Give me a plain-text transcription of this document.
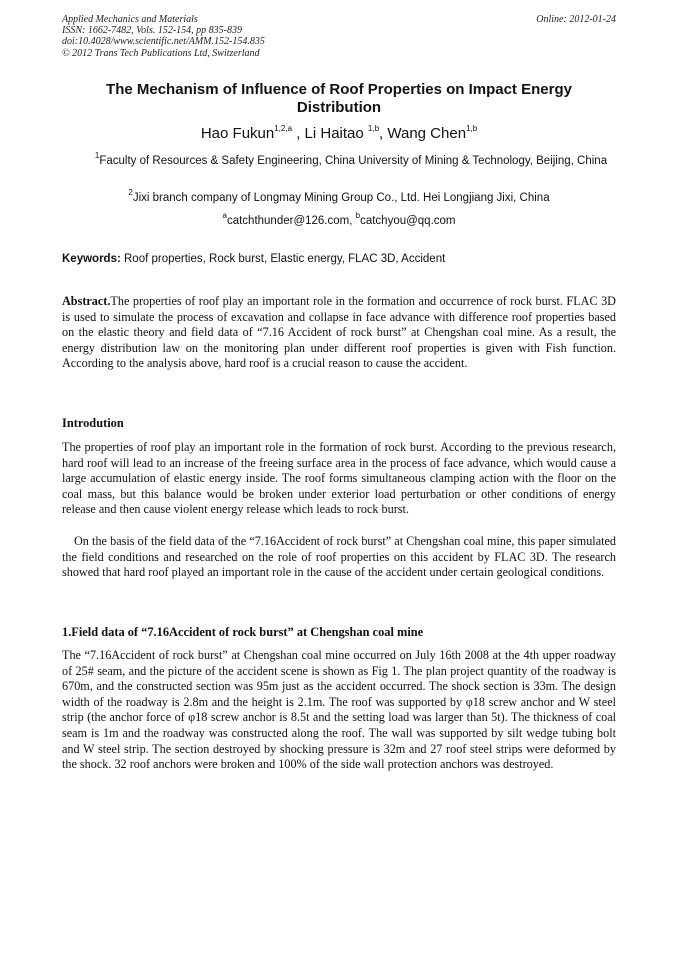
Applied Mechanics and Materials
ISSN: 1662-7482, Vols. 152-154, pp 835-839
doi:10.4028/www.scientific.net/AMM.152-154.835
© 2012 Trans Tech Publications Ltd, Switzerland
Online: 2012-01-24
The Mechanism of Influence of Roof Properties on Impact Energy Distribution
Hao Fukun$^{1,2,a}$ , Li Haitao $^{1,b}$, Wang Chen$^{1,b}$
$^1$Faculty of Resources & Safety Engineering, China University of Mining & Technology, Beijing, China
$^2$Jixi branch company of Longmay Mining Group Co., Ltd. Hei Longjiang Jixi, China
$^a$catchthunder@126.com, $^b$catchyou@qq.com
Keywords: Roof properties, Rock burst, Elastic energy, FLAC 3D, Accident
Abstract.The properties of roof play an important role in the formation and occurrence of rock burst. FLAC 3D is used to simulate the process of excavation and collapse in face advance with difference roof properties based on the elastic theory and field data of “7.16 Accident of rock burst” at Chengshan coal mine. As a result, the energy distribution law on the monitoring plan under different roof properties is given with Fish function. According to the analysis above, hard roof is a crucial reason to cause the accident.
Introdution
The properties of roof play an important role in the formation of rock burst. According to the previous research, hard roof will lead to an increase of the freeing surface area in the process of face advance, which would cause a large accumulation of elastic energy inside. The roof forms simultaneous clamping action with the floor on the coal mass, but this balance would be broken under exterior load perturbation or other conditions of energy release and then cause violent energy release which leads to rock burst.
On the basis of the field data of the “7.16Accident of rock burst” at Chengshan coal mine, this paper simulated the field conditions and researched on the role of roof properties on this accident by FLAC 3D. The research showed that hard roof played an important role in the cause of the accident under certain geological conditions.
1.Field data of “7.16Accident of rock burst” at Chengshan coal mine
The “7.16Accident of rock burst” at Chengshan coal mine occurred on July 16th 2008 at the 4th upper roadway of 25# seam, and the picture of the accident scene is shown as Fig 1. The plan project quantity of the roadway is 670m, and the constructed section was 95m just as the accident occurred. The shock section is 33m. The design width of the roadway is 2.8m and the height is 2.1m. The roof was supported by φ18 screw anchor and W steel strip (the anchor force of φ18 screw anchor is 8.5t and the setting load was larger than 5t). The thickness of coal seam is 1m and the roadway was constructed along the roof. The wall was supported by silt wedge tubing bolt and W steel strip. The section destroyed by shocking pressure is 32m and 27 roof steel strips were deformed by the shock. 32 roof anchors were broken and 100% of the side wall protection anchors was destroyed.
